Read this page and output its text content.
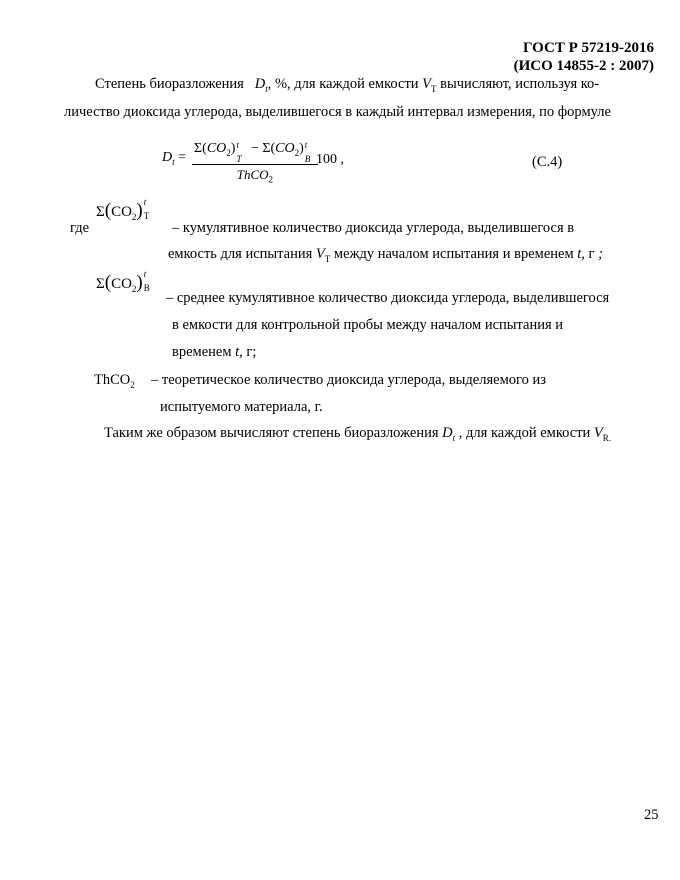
ГОСТ Р 57219-2016
(ИСО 14855-2 : 2007)
Степень биоразложения $D_t$, %, для каждой емкости $V_T$ вычисляют, используя ко-
личество диоксида углерода, выделившегося в каждый интервал измерения, по формуле
$D_t$ =
$\Sigma(CO_2)$ t
T
− $\Sigma(CO_2)$ t
B
ThCO$_2$
100 ,	(С.4)
где
$\Sigma(CO_2)$ t
T
– кумулятивное количество диоксида углерода, выделившегося в
емкость для испытания $V_T$ между началом испытания и временем t, г ;
$\Sigma(CO_2)$ t
B
– среднее кумулятивное количество диоксида углерода, выделившегося
в емкости для контрольной пробы между началом испытания и
временем t, г;
ThCO$_2$ – теоретическое количество диоксида углерода, выделяемого из
испытуемого материала, г.
Таким же образом вычисляют степень биоразложения $D_t$ , для каждой емкости $V_{R.}$
25
